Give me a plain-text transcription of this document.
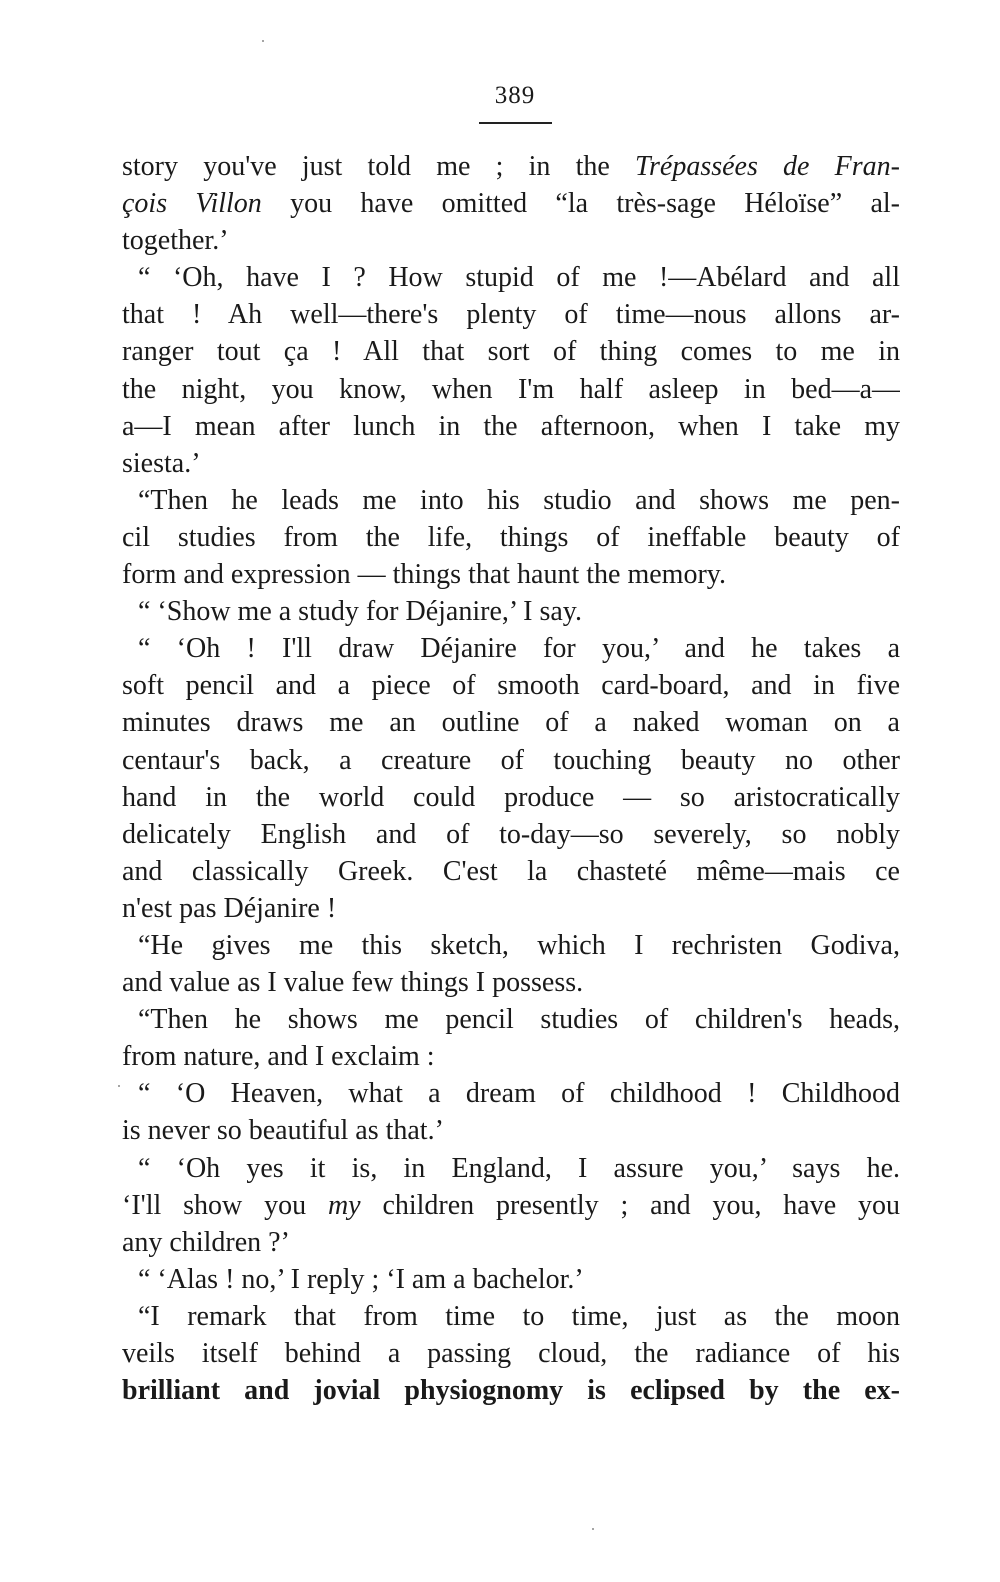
389
story you've just told me ; in the Trépassées de Fran-
çois Villon you have omitted “la très-sage Héloïse” al-
together.’
“ ‘Oh, have I ? How stupid of me !—Abélard and all
that ! Ah well—there's plenty of time—nous allons ar-
ranger tout ça ! All that sort of thing comes to me in
the night, you know, when I'm half asleep in bed—a—
a—I mean after lunch in the afternoon, when I take my
siesta.’
“Then he leads me into his studio and shows me pen-
cil studies from the life, things of ineffable beauty of
form and expression — things that haunt the memory.
“ ‘Show me a study for Déjanire,’ I say.
“ ‘Oh ! I'll draw Déjanire for you,’ and he takes a
soft pencil and a piece of smooth card-board, and in five
minutes draws me an outline of a naked woman on a
centaur's back, a creature of touching beauty no other
hand in the world could produce — so aristocratically
delicately English and of to-day—so severely, so nobly
and classically Greek. C'est la chasteté même—mais ce
n'est pas Déjanire !
“He gives me this sketch, which I rechristen Godiva,
and value as I value few things I possess.
“Then he shows me pencil studies of children's heads,
from nature, and I exclaim :
“ ‘O Heaven, what a dream of childhood ! Childhood
is never so beautiful as that.’
“ ‘Oh yes it is, in England, I assure you,’ says he.
‘I'll show you my children presently ; and you, have you
any children ?’
“ ‘Alas ! no,’ I reply ; ‘I am a bachelor.’
“I remark that from time to time, just as the moon
veils itself behind a passing cloud, the radiance of his
brilliant and jovial physiognomy is eclipsed by the ex-
